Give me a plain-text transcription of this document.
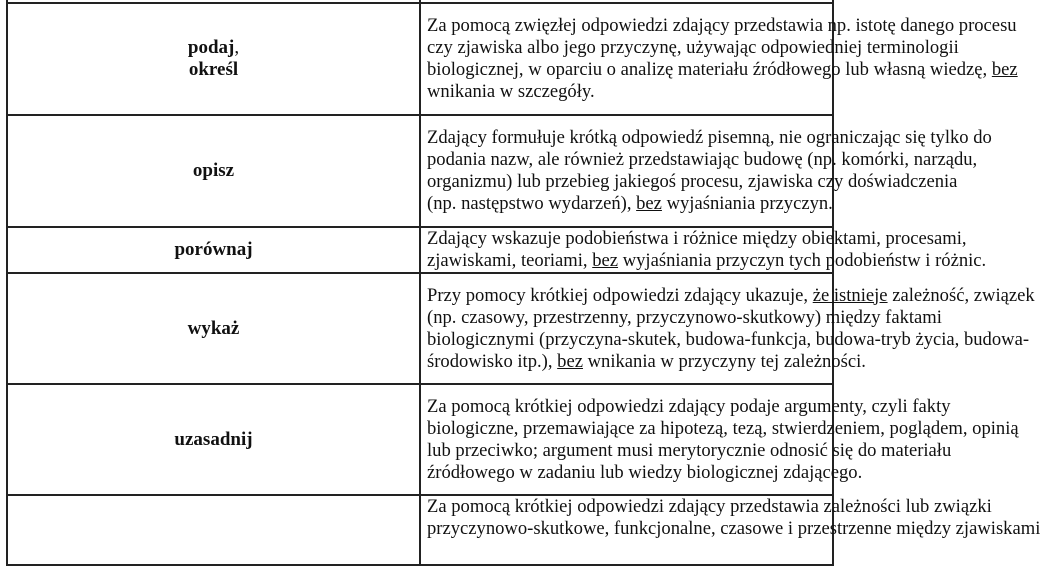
podaj,
określ	Za pomocą zwięzłej odpowiedzi zdający przedstawia np. istotę danego procesu
czy zjawiska albo jego przyczynę, używając odpowiedniej terminologii
biologicznej, w oparciu o analizę materiału źródłowego lub własną wiedzę, bez
wnikania w szczegóły.

opisz	Zdający formułuje krótką odpowiedź pisemną, nie ograniczając się tylko do
podania nazw, ale również przedstawiając budowę (np. komórki, narządu,
organizmu) lub przebieg jakiegoś procesu, zjawiska czy doświadczenia
(np. następstwo wydarzeń), bez wyjaśniania przyczyn.

porównaj	Zdający wskazuje podobieństwa i różnice między obiektami, procesami,
zjawiskami, teoriami, bez wyjaśniania przyczyn tych podobieństw i różnic.

wykaż	Przy pomocy krótkiej odpowiedzi zdający ukazuje, że istnieje zależność, związek
(np. czasowy, przestrzenny, przyczynowo-skutkowy) między faktami
biologicznymi (przyczyna-skutek, budowa-funkcja, budowa-tryb życia, budowa-
środowisko itp.), bez wnikania w przyczyny tej zależności.

uzasadnij	Za pomocą krótkiej odpowiedzi zdający podaje argumenty, czyli fakty
biologiczne, przemawiające za hipotezą, tezą, stwierdzeniem, poglądem, opinią
lub przeciwko; argument musi merytorycznie odnosić się do materiału
źródłowego w zadaniu lub wiedzy biologicznej zdającego.

	Za pomocą krótkiej odpowiedzi zdający przedstawia zależności lub związki
przyczynowo-skutkowe, funkcjonalne, czasowe i przestrzenne między zjawiskami
